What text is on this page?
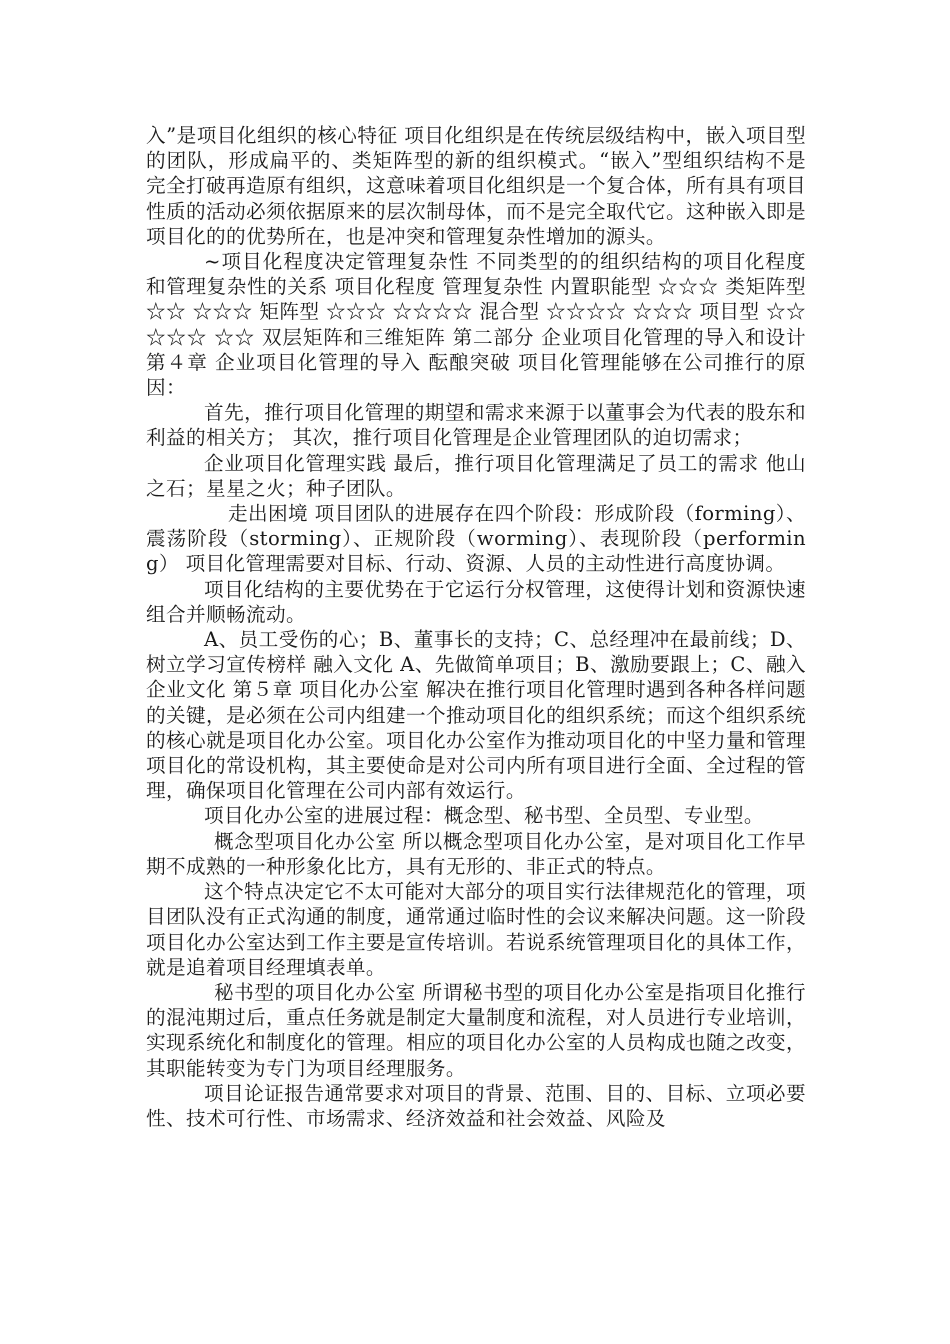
入”是项目化组织的核心特征 项目化组织是在传统层级结构中，嵌入项目型的团队，形成扁平的、类矩阵型的新的组织模式。“嵌入”型组织结构不是完全打破再造原有组织，这意味着项目化组织是一个复合体，所有具有项目性质的活动必须依据原来的层次制母体，而不是完全取代它。这种嵌入即是项目化的的优势所在，也是冲突和管理复杂性增加的源头。

~项目化程度决定管理复杂性 不同类型的的组织结构的项目化程度和管理复杂性的关系 项目化程度 管理复杂性 内置职能型 ☆☆☆ 类矩阵型 ☆☆ ☆☆☆ 矩阵型 ☆☆☆ ☆☆☆☆ 混合型 ☆☆☆☆ ☆☆☆ 项目型 ☆☆☆☆☆ ☆☆ 双层矩阵和三维矩阵 第二部分 企业项目化管理的导入和设计 第４章 企业项目化管理的导入 酝酿突破 项目化管理能够在公司推行的原因：

首先，推行项目化管理的期望和需求来源于以董事会为代表的股东和利益的相关方； 其次，推行项目化管理是企业管理团队的迫切需求；

企业项目化管理实践 最后，推行项目化管理满足了员工的需求 他山之石；星星之火；种子团队。

走出困境 项目团队的进展存在四个阶段：形成阶段（forming）、震荡阶段（storming）、正规阶段（worming）、表现阶段（performing） 项目化管理需要对目标、行动、资源、人员的主动性进行高度协调。

项目化结构的主要优势在于它运行分权管理，这使得计划和资源快速组合并顺畅流动。

A、员工受伤的心；B、董事长的支持；C、总经理冲在最前线；D、树立学习宣传榜样 融入文化 A、先做简单项目；B、激励要跟上；C、融入企业文化 第５章 项目化办公室 解决在推行项目化管理时遇到各种各样问题的关键，是必须在公司内组建一个推动项目化的组织系统；而这个组织系统的核心就是项目化办公室。项目化办公室作为推动项目化的中坚力量和管理项目化的常设机构，其主要使命是对公司内所有项目进行全面、全过程的管理，确保项目化管理在公司内部有效运行。

项目化办公室的进展过程：概念型、秘书型、全员型、专业型。

概念型项目化办公室 所以概念型项目化办公室，是对项目化工作早期不成熟的一种形象化比方，具有无形的、非正式的特点。

这个特点决定它不太可能对大部分的项目实行法律规范化的管理，项目团队没有正式沟通的制度，通常通过临时性的会议来解决问题。这一阶段项目化办公室达到工作主要是宣传培训。若说系统管理项目化的具体工作，就是追着项目经理填表单。

秘书型的项目化办公室 所谓秘书型的项目化办公室是指项目化推行的混沌期过后，重点任务就是制定大量制度和流程，对人员进行专业培训，实现系统化和制度化的管理。相应的项目化办公室的人员构成也随之改变，其职能转变为专门为项目经理服务。

项目论证报告通常要求对项目的背景、范围、目的、目标、立项必要性、技术可行性、市场需求、经济效益和社会效益、风险及
